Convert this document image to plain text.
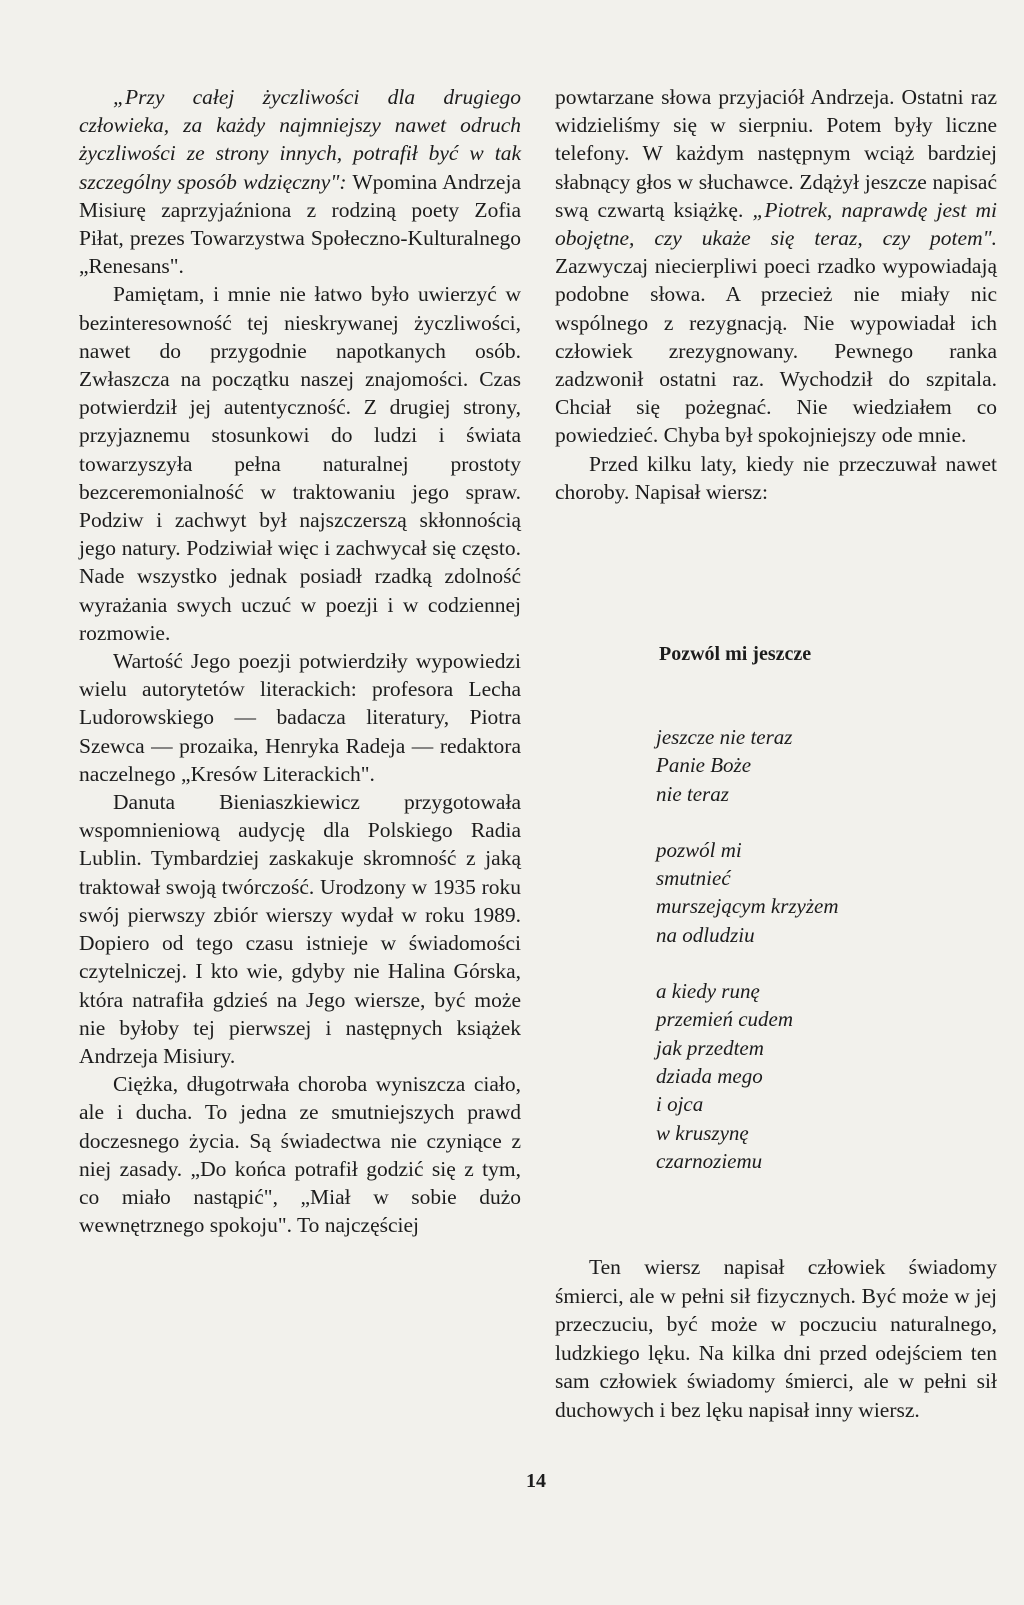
„Przy całej życzliwości dla drugiego człowieka, za każdy najmniejszy nawet odruch życzliwości ze strony innych, potrafił być w tak szczególny sposób wdzięczny": Wpomina Andrzeja Misiurę zaprzyjaźniona z rodziną poety Zofia Piłat, prezes Towarzystwa Społeczno-Kulturalnego „Renesans".

Pamiętam, i mnie nie łatwo było uwierzyć w bezinteresowność tej nieskrywanej życzliwości, nawet do przygodnie napotkanych osób. Zwłaszcza na początku naszej znajomości. Czas potwierdził jej autentyczność. Z drugiej strony, przyjaznemu stosunkowi do ludzi i świata towarzyszyła pełna naturalnej prostoty bezceremonialność w traktowaniu jego spraw. Podziw i zachwyt był najszczerszą skłonnością jego natury. Podziwiał więc i zachwycał się często. Nade wszystko jednak posiadł rzadką zdolność wyrażania swych uczuć w poezji i w codziennej rozmowie.

Wartość Jego poezji potwierdziły wypowiedzi wielu autorytetów literackich: profesora Lecha Ludorowskiego — badacza literatury, Piotra Szewca — prozaika, Henryka Radeja — redaktora naczelnego „Kresów Literackich".

Danuta Bieniaszkiewicz przygotowała wspomnieniową audycję dla Polskiego Radia Lublin. Tymbardziej zaskakuje skromność z jaką traktował swoją twórczość. Urodzony w 1935 roku swój pierwszy zbiór wierszy wydał w roku 1989. Dopiero od tego czasu istnieje w świadomości czytelniczej. I kto wie, gdyby nie Halina Górska, która natrafiła gdzieś na Jego wiersze, być może nie byłoby tej pierwszej i następnych książek Andrzeja Misiury.

Ciężka, długotrwała choroba wyniszcza ciało, ale i ducha. To jedna ze smutniejszych prawd doczesnego życia. Są świadectwa nie czyniące z niej zasady. „Do końca potrafił godzić się z tym, co miało nastąpić", „Miał w sobie dużo wewnętrznego spokoju". To najczęściej

powtarzane słowa przyjaciół Andrzeja. Ostatni raz widzieliśmy się w sierpniu. Potem były liczne telefony. W każdym następnym wciąż bardziej słabnący głos w słuchawce. Zdążył jeszcze napisać swą czwartą książkę. „Piotrek, naprawdę jest mi obojętne, czy ukaże się teraz, czy potem". Zazwyczaj niecierpliwi poeci rzadko wypowiadają podobne słowa. A przecież nie miały nic wspólnego z rezygnacją. Nie wypowiadał ich człowiek zrezygnowany. Pewnego ranka zadzwonił ostatni raz. Wychodził do szpitala. Chciał się pożegnać. Nie wiedziałem co powiedzieć. Chyba był spokojniejszy ode mnie.

Przed kilku laty, kiedy nie przeczuwał nawet choroby. Napisał wiersz:

Pozwól mi jeszcze
jeszcze nie teraz
Panie Boże
nie teraz
pozwól mi
smutnieć
murszejącym krzyżem
na odludziu
a kiedy runę
przemień cudem
jak przedtem
dziada mego
i ojca
w kruszynę
czarnoziemu

Ten wiersz napisał człowiek świadomy śmierci, ale w pełni sił fizycznych. Być może w jej przeczuciu, być może w poczuciu naturalnego, ludzkiego lęku. Na kilka dni przed odejściem ten sam człowiek świadomy śmierci, ale w pełni sił duchowych i bez lęku napisał inny wiersz.

14
